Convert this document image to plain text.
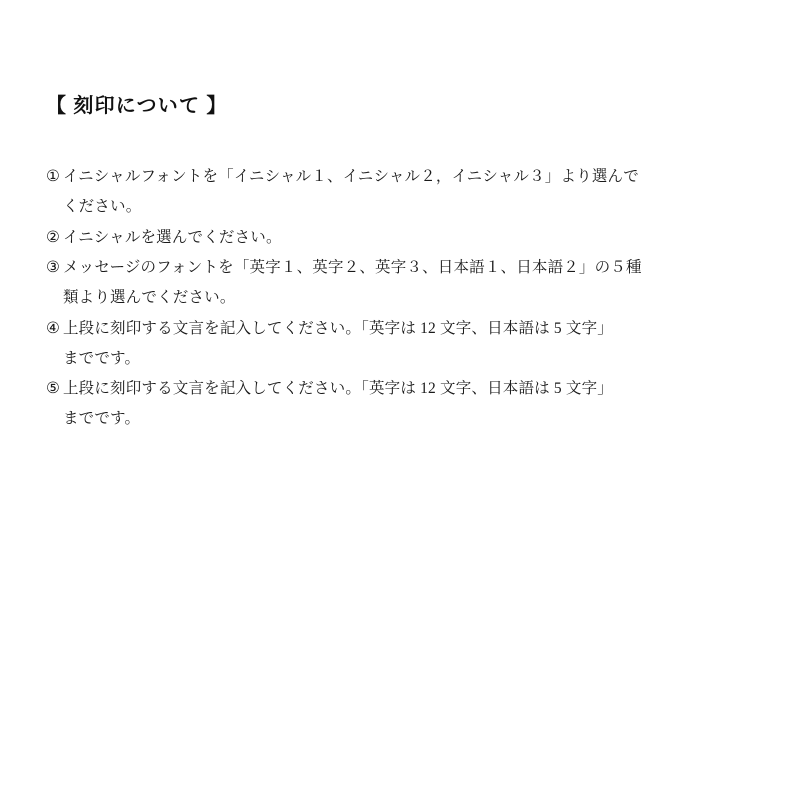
【 刻印について 】
① イニシャルフォントを「イニシャル１、イニシャル２，イニシャル３」より選んで
ください。
② イニシャルを選んでください。
③ メッセージのフォントを「英字１、英字２、英字３、日本語１、日本語２」の５種
類より選んでください。
④ 上段に刻印する文言を記入してください。「英字は 12 文字、日本語は 5 文字」
までです。
⑤ 上段に刻印する文言を記入してください。「英字は 12 文字、日本語は 5 文字」
までです。
